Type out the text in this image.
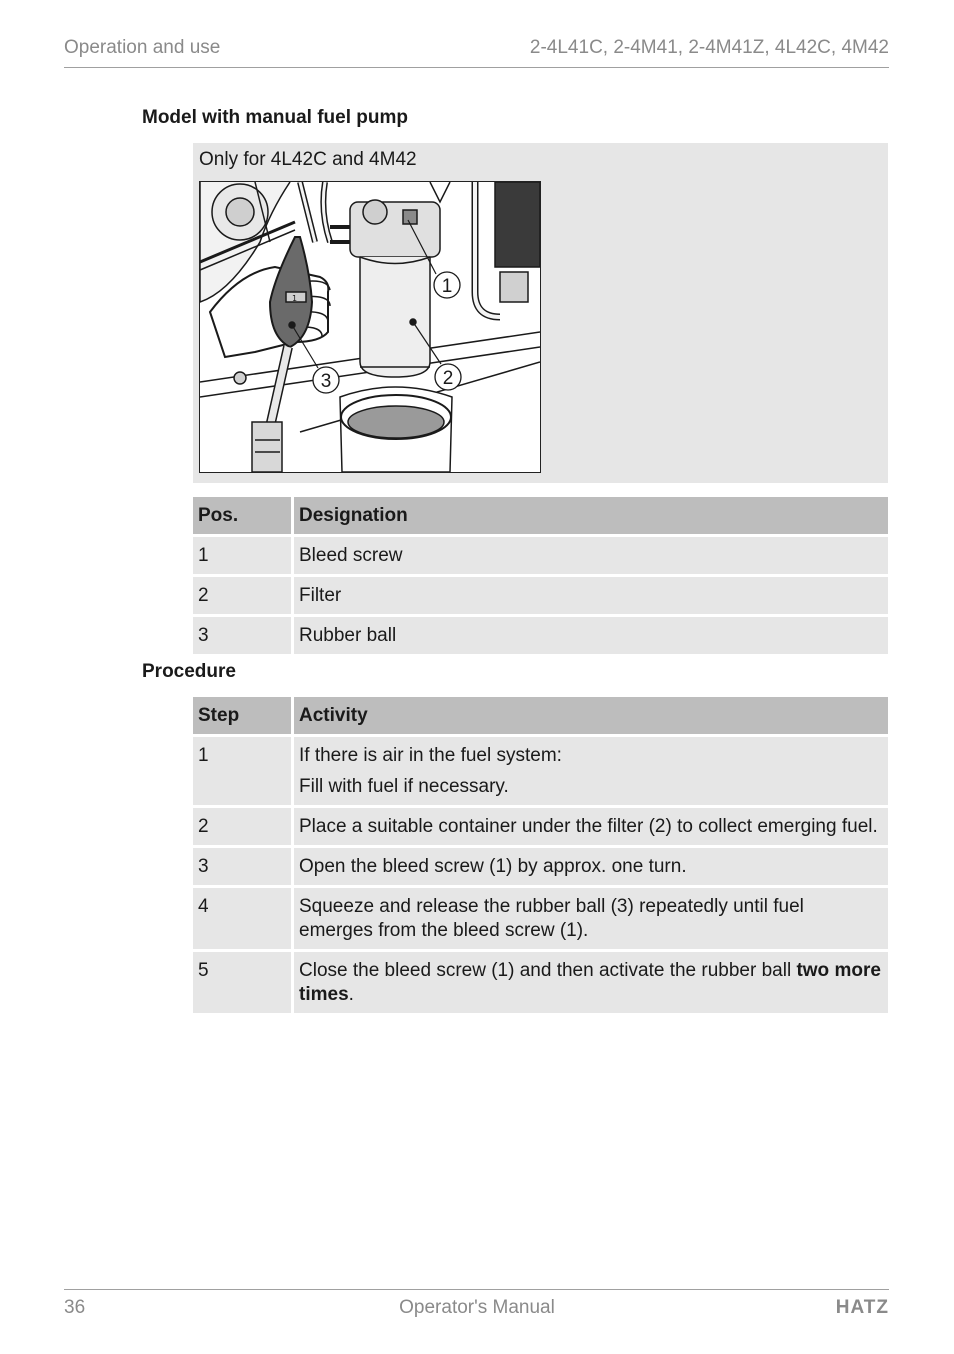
Operation and use	2-4L41C, 2-4M41, 2-4M41Z, 4L42C, 4M42
Model with manual fuel pump
Only for 4L42C and 4M42
1
1
2
3
Pos.	Designation
1	Bleed screw
2	Filter
3	Rubber ball
Procedure
Step	Activity
1	If there is air in the fuel system:
Fill with fuel if necessary.

2	Place a suitable container under the filter (2) to collect emerging fuel.
3	Open the bleed screw (1) by approx. one turn.
4	Squeeze and release the rubber ball (3) repeatedly until fuel emerges from the bleed screw (1).
5	Close the bleed screw (1) and then activate the rubber ball two more times.
36	Operator's Manual	HATZ
